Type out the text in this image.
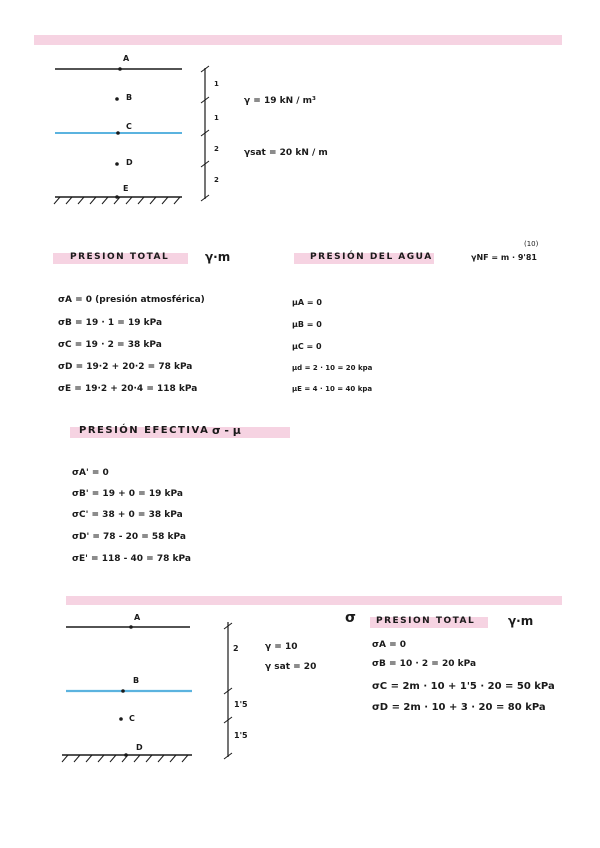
A
B
C
D
E
1
1
2
2
γ = 19 kN / m³
γsat = 20 kN / m
PRESION TOTAL	γ·m	PRESIÓN DEL AGUA	γNF = m · 9'81
(10)
σA = 0 (presión atmosférica)
σB = 19 · 1 = 19 kPa
σC = 19 · 2 = 38 kPa
σD = 19·2 + 20·2 = 78 kPa
σE = 19·2 + 20·4 = 118 kPa
μA = 0
μB = 0
μC = 0
μd = 2 · 10 = 20 kpa
μE = 4 · 10 = 40 kpa
PRESIÓN EFECTIVA σ - μ
σA' = 0
σB' = 19 + 0 = 19 kPa
σC' = 38 + 0 = 38 kPa
σD' = 78 - 20 = 58 kPa
σE' = 118 - 40 = 78 kPa
A
B
C
D
2
1'5
1'5
γ = 10
γ sat = 20
σ PRESION TOTAL	γ·m
σA = 0
σB = 10 · 2 = 20 kPa
σC = 2m · 10 + 1'5 · 20 = 50 kPa
σD = 2m · 10 + 3 · 20 = 80 kPa
